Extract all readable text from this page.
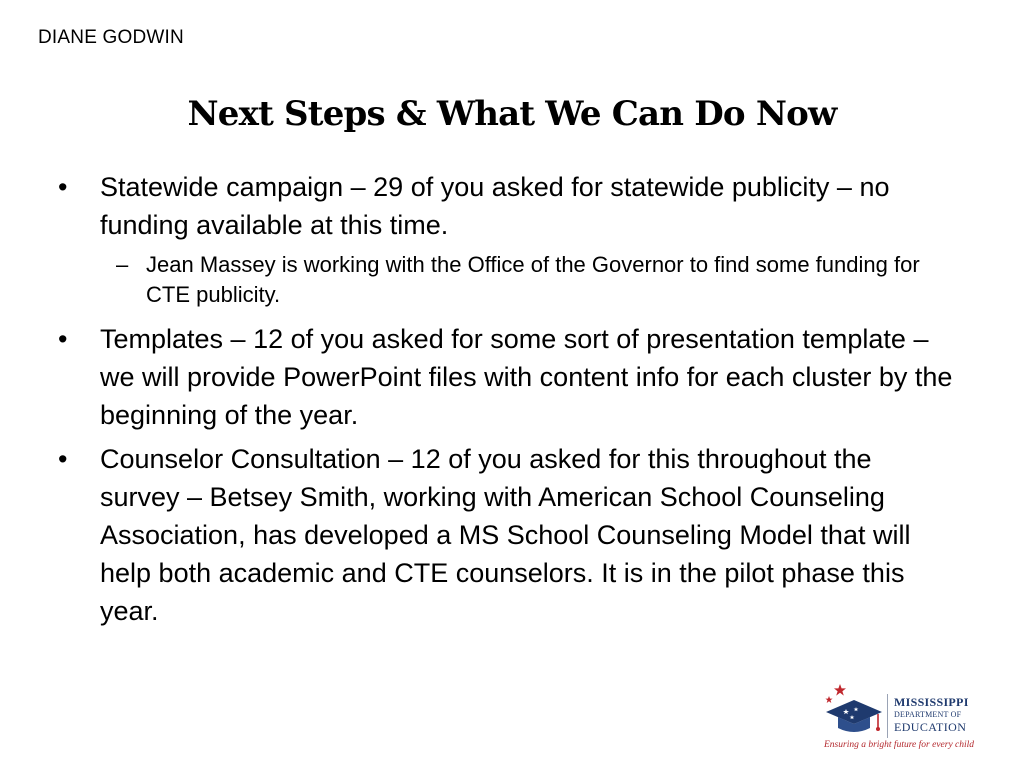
DIANE GODWIN
Next Steps & What We Can Do Now
• Statewide campaign – 29 of you asked for statewide publicity – no funding available at this time.
– Jean Massey is working with the Office of the Governor to find some funding for CTE publicity.
• Templates – 12 of you asked for some sort of presentation template – we will provide PowerPoint files with content info for each cluster by the beginning of the year.
• Counselor Consultation – 12 of you asked for this throughout the survey – Betsey Smith, working with American School Counseling Association, has developed a MS School Counseling Model that will help both academic and CTE counselors. It is in the pilot phase this year.
MISSISSIPPI
DEPARTMENT OF
EDUCATION
Ensuring a bright future for every child
